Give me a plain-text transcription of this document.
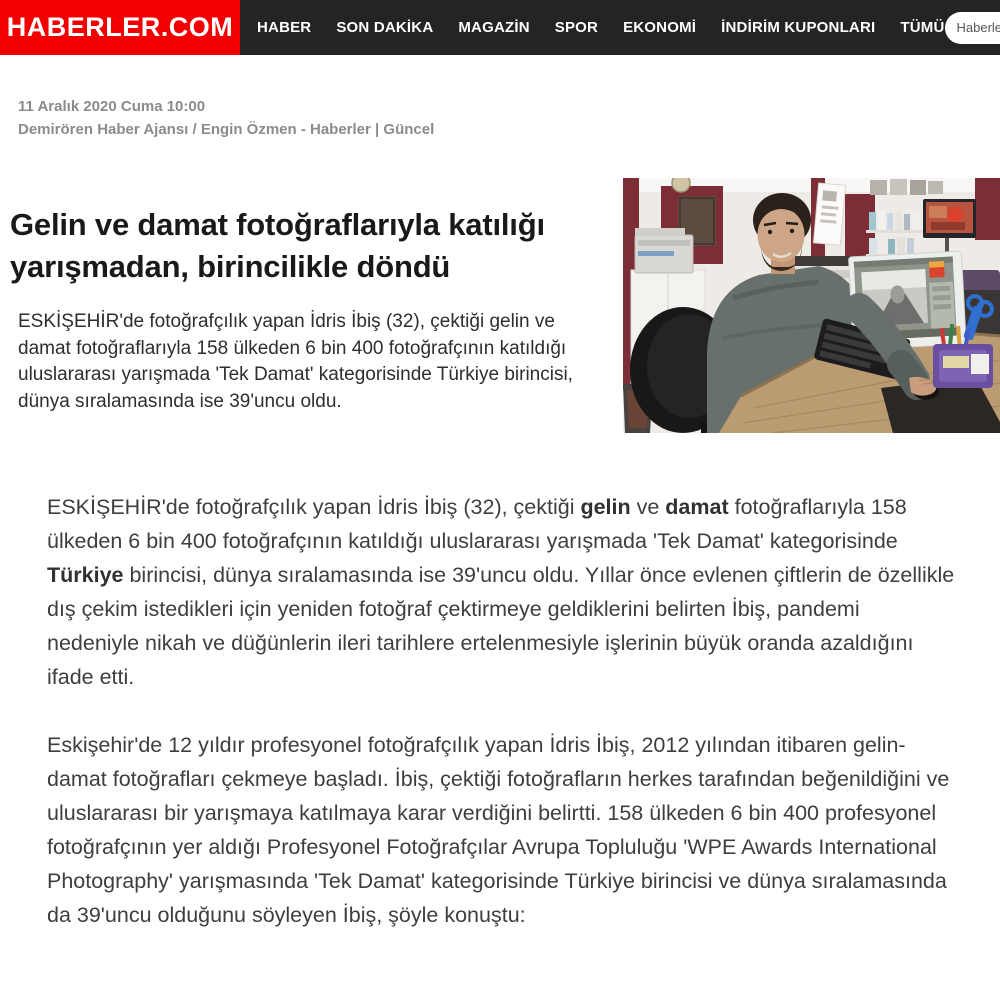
HABERLER.COM HABER SON DAKİKA MAGAZİN SPOR EKONOMİ İNDİRİM KUPONLARI TÜMÜ
Haberlerde Ara
11 Aralık 2020 Cuma 10:00
Demirören Haber Ajansı / Engin Özmen - Haberler | Güncel
Gelin ve damat fotoğraflarıyla katılığı yarışmadan, birincilikle döndü

ESKİŞEHİR'de fotoğrafçılık yapan İdris İbiş (32), çektiği gelin ve damat fotoğraflarıyla 158 ülkeden 6 bin 400 fotoğrafçının katıldığı uluslararası yarışmada 'Tek Damat' kategorisinde Türkiye birincisi, dünya sıralamasında ise 39'uncu oldu.

ESKİŞEHİR'de fotoğrafçılık yapan İdris İbiş (32), çektiği gelin ve damat fotoğraflarıyla 158 ülkeden 6 bin 400 fotoğrafçının katıldığı uluslararası yarışmada 'Tek Damat' kategorisinde Türkiye birincisi, dünya sıralamasında ise 39'uncu oldu. Yıllar önce evlenen çiftlerin de özellikle dış çekim istedikleri için yeniden fotoğraf çektirmeye geldiklerini belirten İbiş, pandemi nedeniyle nikah ve düğünlerin ileri tarihlere ertelenmesiyle işlerinin büyük oranda azaldığını ifade etti.

Eskişehir'de 12 yıldır profesyonel fotoğrafçılık yapan İdris İbiş, 2012 yılından itibaren gelin-damat fotoğrafları çekmeye başladı. İbiş, çektiği fotoğrafların herkes tarafından beğenildiğini ve uluslararası bir yarışmaya katılmaya karar verdiğini belirtti. 158 ülkeden 6 bin 400 profesyonel fotoğrafçının yer aldığı Profesyonel Fotoğrafçılar Avrupa Topluluğu 'WPE Awards International Photography' yarışmasında 'Tek Damat' kategorisinde Türkiye birincisi ve dünya sıralamasında da 39'uncu olduğunu söyleyen İbiş, şöyle konuştu:
